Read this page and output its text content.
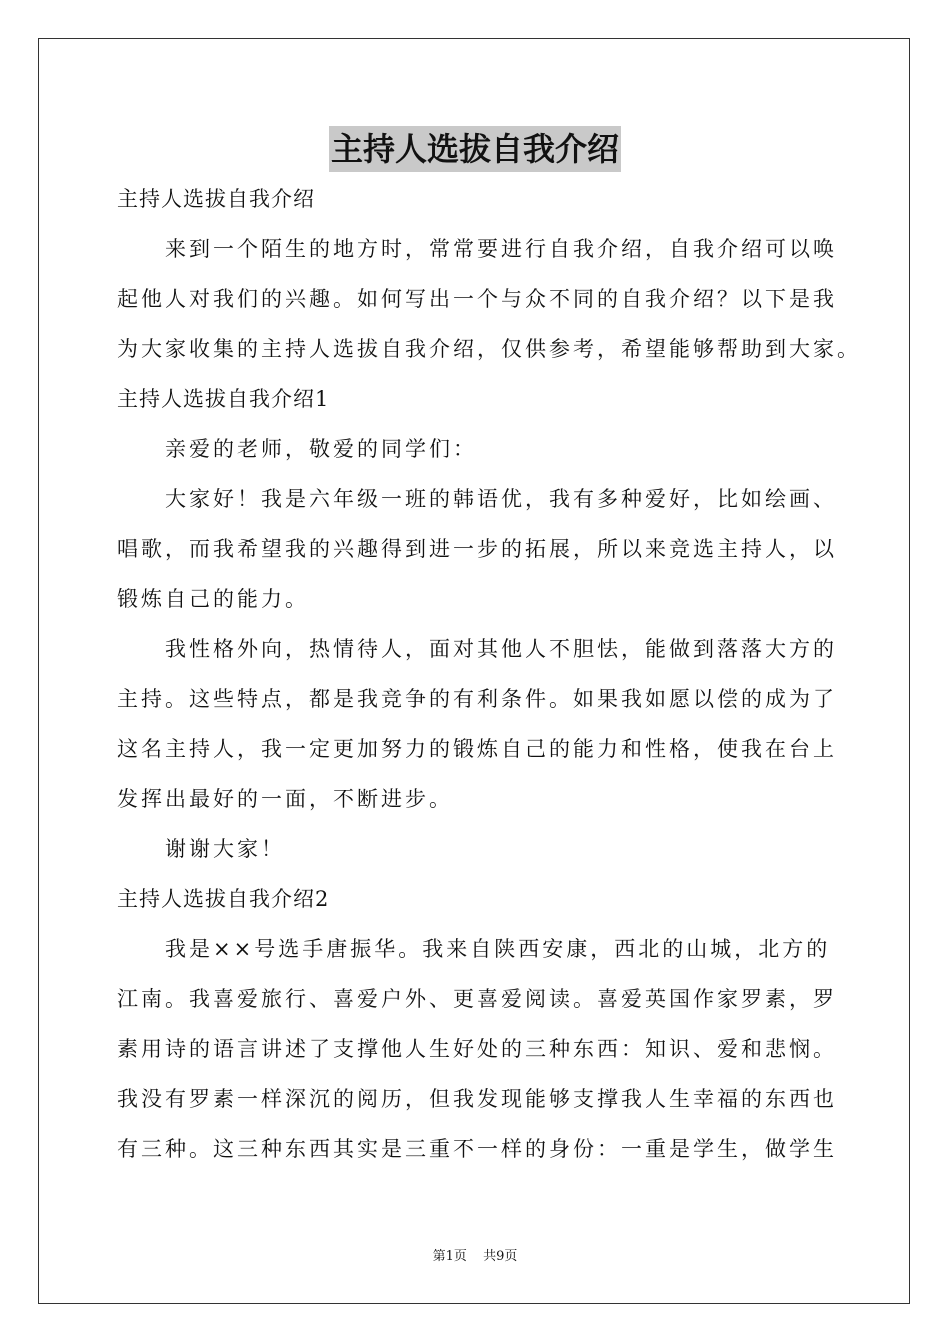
主持人选拔自我介绍
主持人选拔自我介绍
来到一个陌生的地方时，常常要进行自我介绍，自我介绍可以唤
起他人对我们的兴趣。如何写出一个与众不同的自我介绍？以下是我
为大家收集的主持人选拔自我介绍，仅供参考，希望能够帮助到大家。
主持人选拔自我介绍1
亲爱的老师，敬爱的同学们：
大家好！我是六年级一班的韩语优，我有多种爱好，比如绘画、
唱歌，而我希望我的兴趣得到进一步的拓展，所以来竞选主持人，以
锻炼自己的能力。
我性格外向，热情待人，面对其他人不胆怯，能做到落落大方的
主持。这些特点，都是我竞争的有利条件。如果我如愿以偿的成为了
这名主持人，我一定更加努力的锻炼自己的能力和性格，使我在台上
发挥出最好的一面，不断进步。
谢谢大家！
主持人选拔自我介绍2
我是××号选手唐振华。我来自陕西安康，西北的山城，北方的
江南。我喜爱旅行、喜爱户外、更喜爱阅读。喜爱英国作家罗素，罗
素用诗的语言讲述了支撑他人生好处的三种东西：知识、爱和悲悯。
我没有罗素一样深沉的阅历，但我发现能够支撑我人生幸福的东西也
有三种。这三种东西其实是三重不一样的身份：一重是学生，做学生
第1页 共9页
